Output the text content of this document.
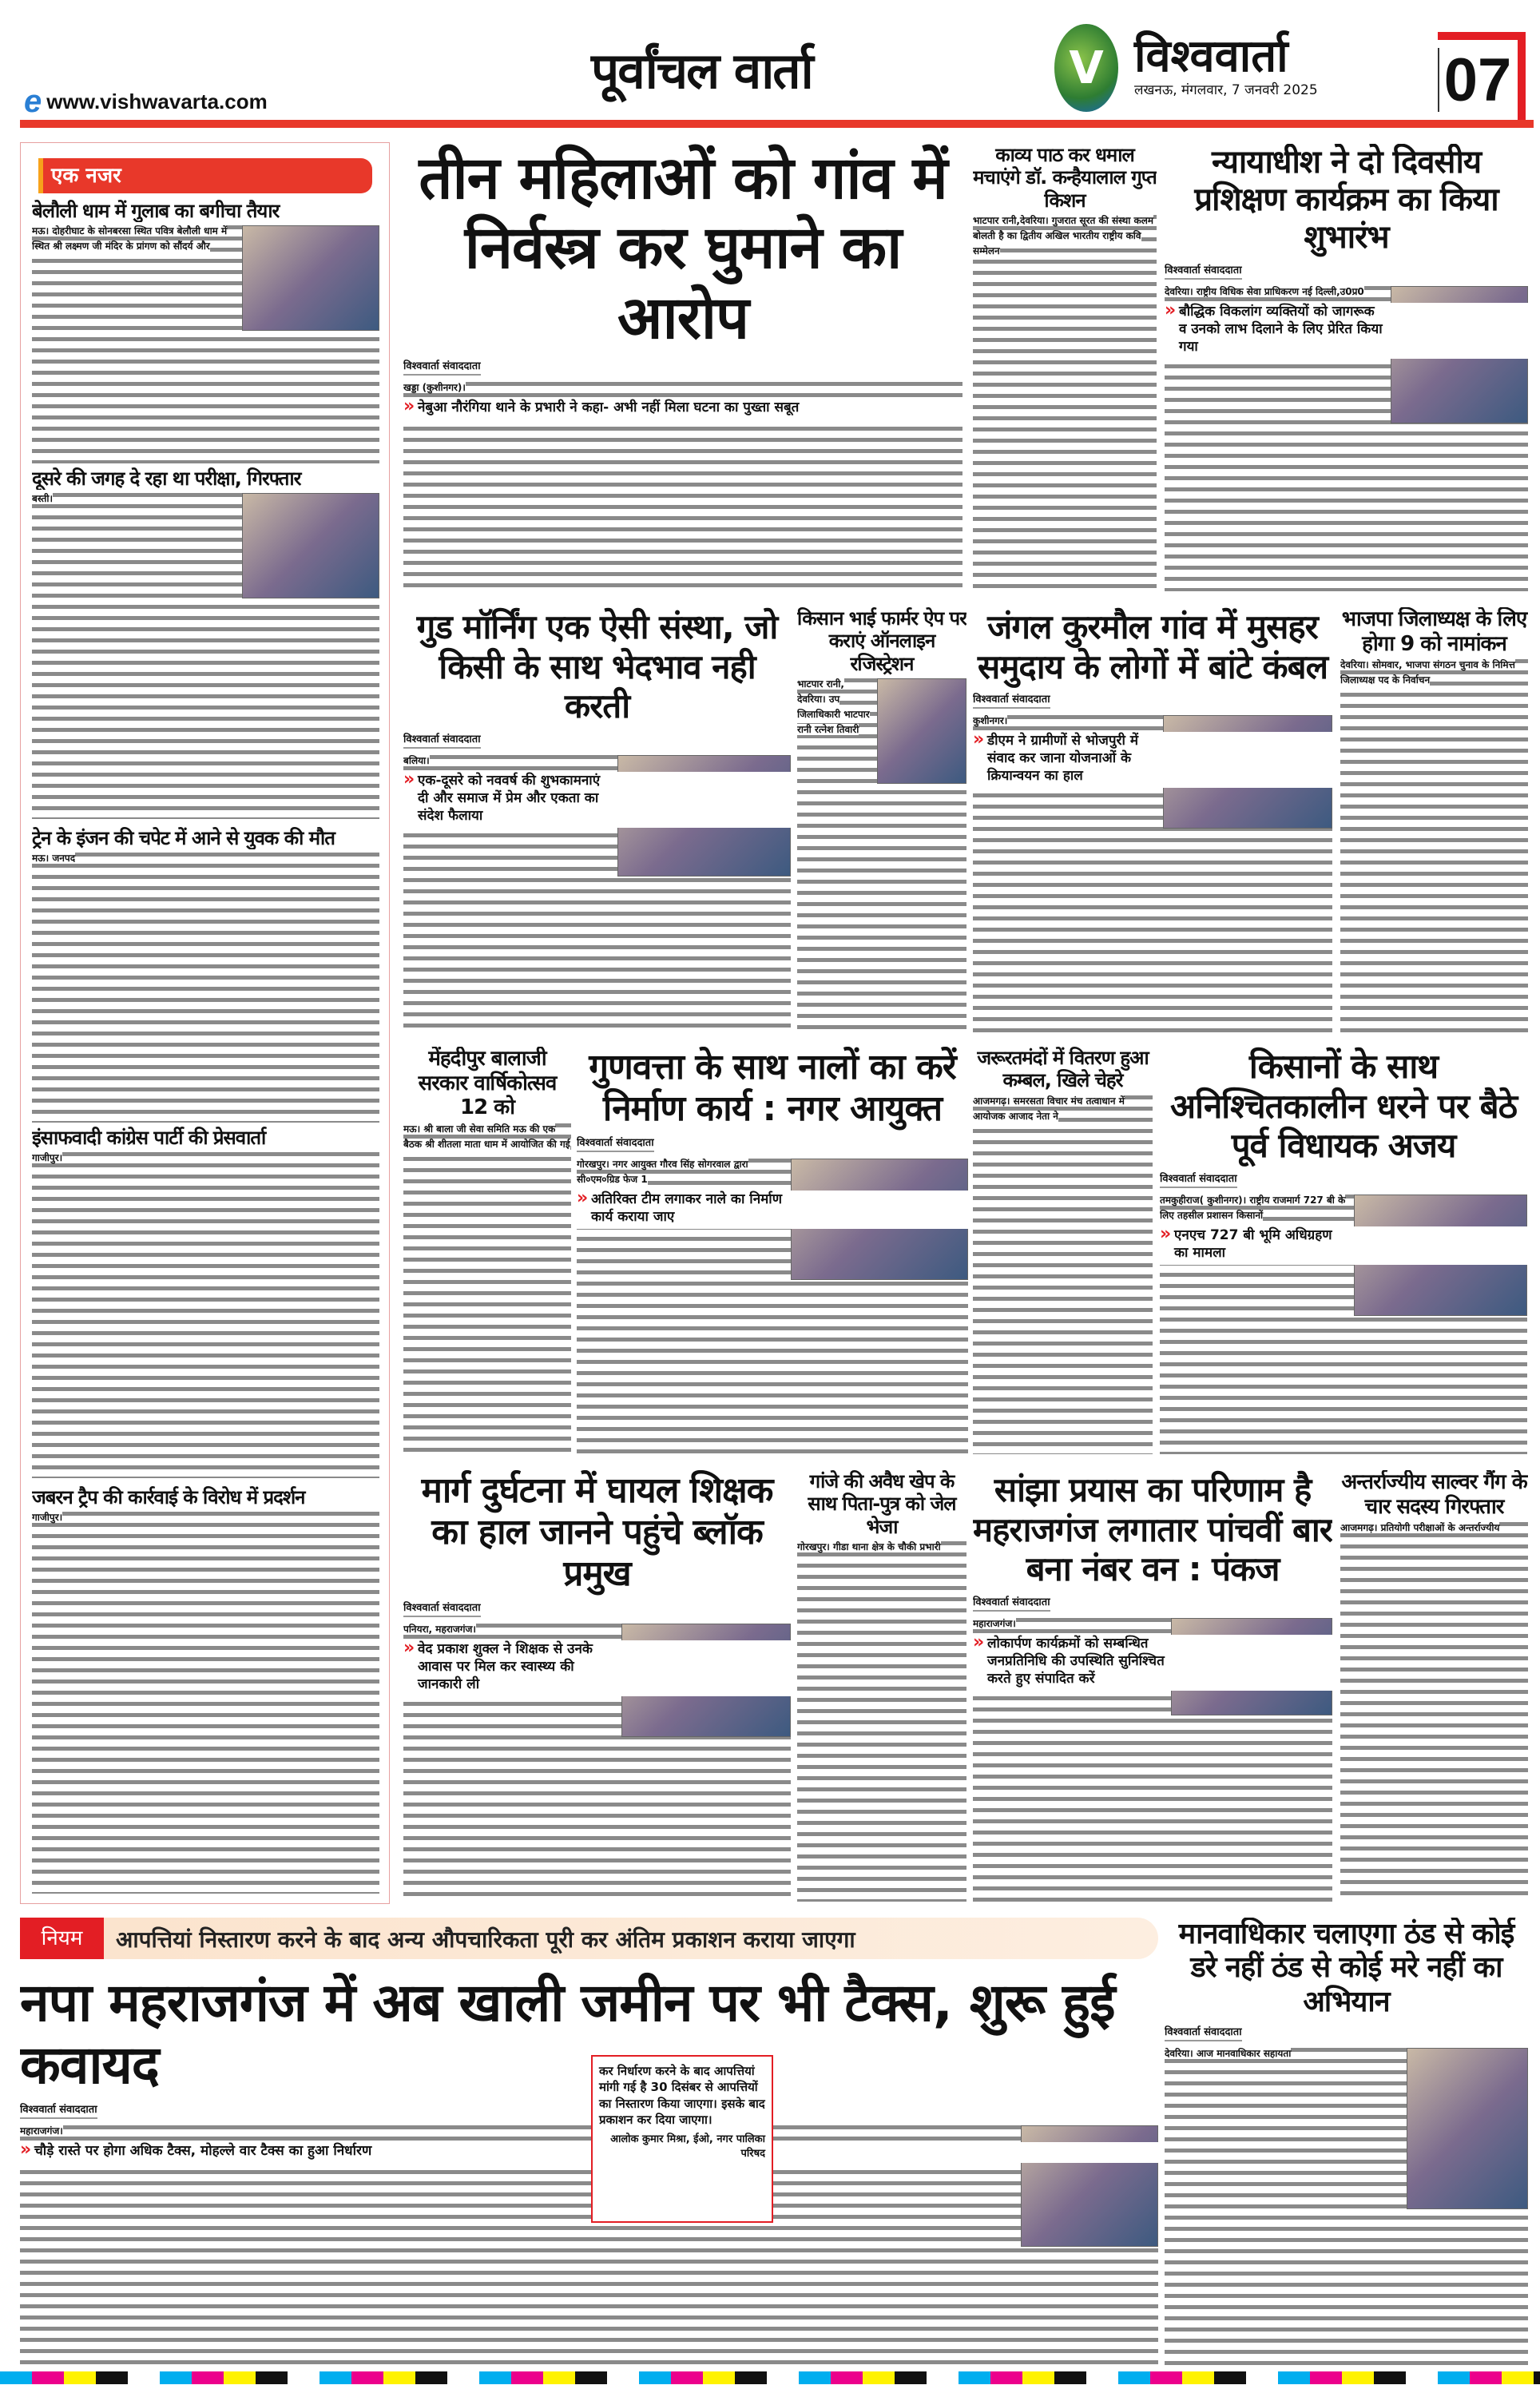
e www.vishwavarta.com
पूर्वांचल वार्ता	V विश्ववार्ता
लखनऊ, मंगलवार, 7 जनवरी 2025 07
एक नजर
बेलौली धाम में गुलाब का बगीचा तैयार
मऊ। दोहरीघाट के सोनबरसा स्थित पवित्र बेलौली धाम में स्थित श्री लक्ष्मण जी मंदिर के प्रांगण को सौंदर्य और
दूसरे की जगह दे रहा था परीक्षा, गिरफ्तार
बस्ती।
ट्रेन के इंजन की चपेट में आने से युवक की मौत
मऊ। जनपद
इंसाफवादी कांग्रेस पार्टी की प्रेसवार्ता
गाजीपुर।
जबरन ट्रैप की कार्रवाई के विरोध में प्रदर्शन
गाजीपुर।
तीन महिलाओं को गांव में निर्वस्त्र कर घुमाने का आरोप
विश्ववार्ता संवाददाता
खड्डा (कुशीनगर)।
» नेबुआ नौरंगिया थाने के प्रभारी ने कहा- अभी नहीं मिला घटना का पुख्ता सबूत
काव्य पाठ कर धमाल मचाएंगे डॉ. कन्हैयालाल गुप्त किशन
भाटपार रानी,देवरिया। गुजरात सूरत की संस्था कलम बोलती है का द्वितीय अखिल भारतीय राष्ट्रीय कवि सम्मेलन
न्यायाधीश ने दो दिवसीय प्रशिक्षण कार्यक्रम का किया शुभारंभ
विश्ववार्ता संवाददाता
देवरिया। राष्ट्रीय विधिक सेवा प्राधिकरण नई दिल्ली,उ0प्र0
» बौद्धिक विकलांग व्यक्तियों को जागरूक व उनको लाभ दिलाने के लिए प्रेरित किया गया
गुड मॉर्निंग एक ऐसी संस्था, जो किसी के साथ भेदभाव नही करती
विश्ववार्ता संवाददाता
बलिया।
» एक-दूसरे को नववर्ष की शुभकामनाएं दी और समाज में प्रेम और एकता का संदेश फैलाया
किसान भाई फार्मर ऐप पर कराएं ऑनलाइन रजिस्ट्रेशन
भाटपार रानी, देवरिया। उप जिलाधिकारी भाटपार रानी रत्नेश तिवारी
जंगल कुरमौल गांव में मुसहर समुदाय के लोगों में बांटे कंबल
विश्ववार्ता संवाददाता
कुशीनगर।
» डीएम ने ग्रामीणों से भोजपुरी में संवाद कर जाना योजनाओं के क्रियान्वयन का हाल
भाजपा जिलाध्यक्ष के लिए होगा 9 को नामांकन
देवरिया। सोमवार, भाजपा संगठन चुनाव के निमित्त जिलाध्यक्ष पद के निर्वाचन
मेंहदीपुर बालाजी सरकार वार्षिकोत्सव 12 को
मऊ। श्री बाला जी सेवा समिति मऊ की एक बैठक श्री शीतला माता धाम में आयोजित की गई
गुणवत्ता के साथ नालों का करें निर्माण कार्य : नगर आयुक्त
विश्ववार्ता संवाददाता
गोरखपुर। नगर आयुक्त गौरव सिंह सोगरवाल द्वारा सी०एम०ग्रिड फेज 1
» अतिरिक्त टीम लगाकर नाले का निर्माण कार्य कराया जाए
जरूरतमंदों में वितरण हुआ कम्बल, खिले चेहरे
आजमगढ़। समरसता विचार मंच तत्वाधान में आयोजक आजाद नेता ने
किसानों के साथ अनिश्चितकालीन धरने पर बैठे पूर्व विधायक अजय
विश्ववार्ता संवाददाता
तमकुहीराज( कुशीनगर)। राष्ट्रीय राजमार्ग 727 बी के लिए तहसील प्रशासन किसानों
» एनएच 727 बी भूमि अधिग्रहण का मामला
मार्ग दुर्घटना में घायल शिक्षक का हाल जानने पहुंचे ब्लॉक प्रमुख
विश्ववार्ता संवाददाता
पनियरा, महराजगंज।
» वेद प्रकाश शुक्ल ने शिक्षक से उनके आवास पर मिल कर स्वास्थ्य की जानकारी ली
गांजे की अवैध खेप के साथ पिता-पुत्र को जेल भेजा
गोरखपुर। गीडा थाना क्षेत्र के चौकी प्रभारी
सांझा प्रयास का परिणाम है महराजगंज लगातार पांचवीं बार बना नंबर वन : पंकज
विश्ववार्ता संवाददाता
महाराजगंज।
» लोकार्पण कार्यक्रमों को सम्बन्धित जनप्रतिनिधि की उपस्थिति सुनिश्चित करते हुए संपादित करें
अन्तर्राज्यीय साल्वर गैंग के चार सदस्य गिरफ्तार
आजमगढ़। प्रतियोगी परीक्षाओं के अन्तर्राज्यीय
नपा महराजगंज में अब खाली जमीन पर भी टैक्स, शुरू हुई कवायद
विश्ववार्ता संवाददाता
महाराजगंज।
» चौड़े रास्ते पर होगा अधिक टैक्स, मोहल्ले वार टैक्स का हुआ निर्धारण
मानवाधिकार चलाएगा ठंड से कोई डरे नहीं ठंड से कोई मरे नहीं का अभियान
विश्ववार्ता संवाददाता
देवरिया। आज मानवाधिकार सहायता
नियम	आपत्तियां निस्तारण करने के बाद अन्य औपचारिकता पूरी कर अंतिम प्रकाशन कराया जाएगा
कर निर्धारण करने के बाद आपत्तियां मांगी गई है 30 दिसंबर से आपत्तियों का निस्तारण किया जाएगा। इसके बाद प्रकाशन कर दिया जाएगा।
आलोक कुमार मिश्रा, ईओ, नगर पालिका परिषद
